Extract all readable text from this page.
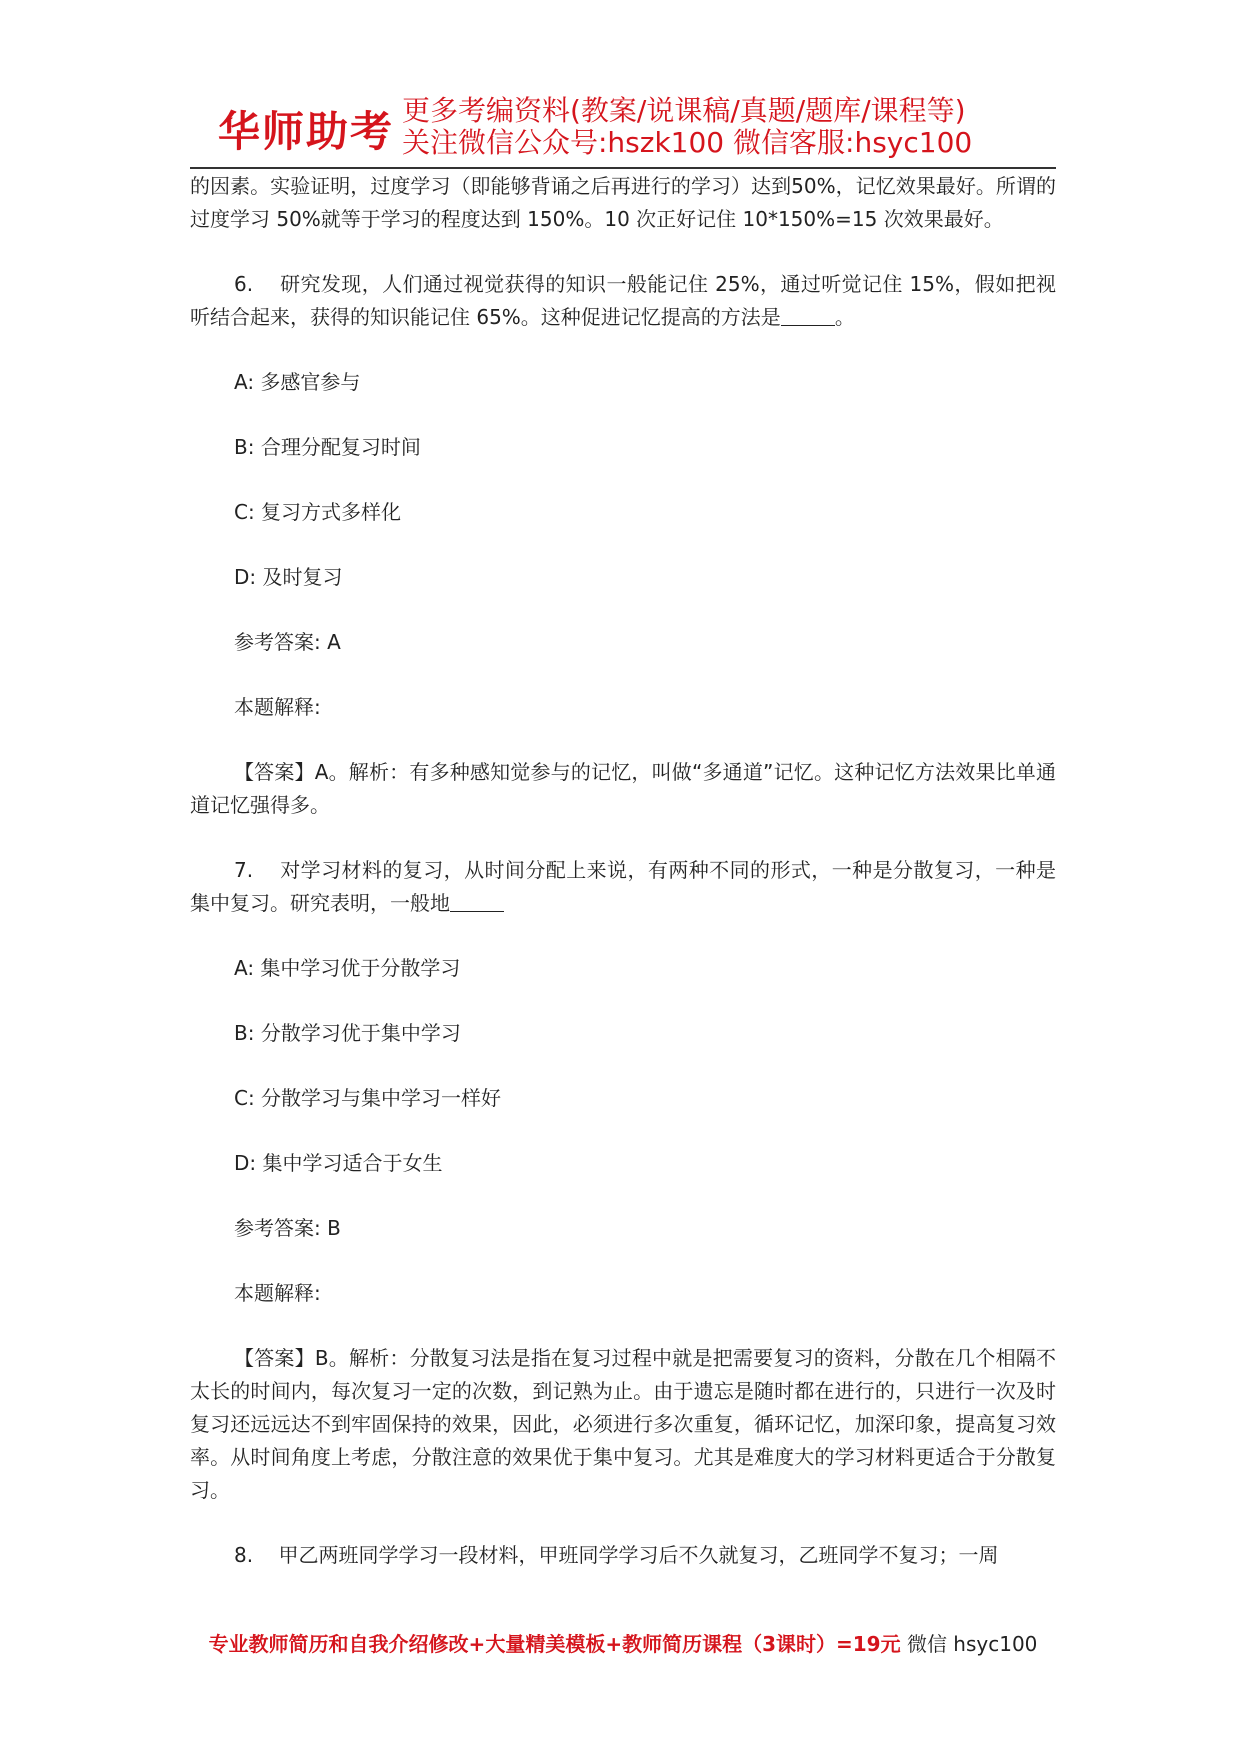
华师助考 更多考编资料(教案/说课稿/真题/题库/课程等)
关注微信公众号:hszk100 微信客服:hsyc100

的因素。实验证明，过度学习（即能够背诵之后再进行的学习）达到50%，记忆效果最好。所谓的过度学习 50%就等于学习的程度达到 150%。10 次正好记住 10*150%=15 次效果最好。

6. 研究发现，人们通过视觉获得的知识一般能记住 25%，通过听觉记住 15%，假如把视听结合起来，获得的知识能记住 65%。这种促进记忆提高的方法是	。

A: 多感官参与

B: 合理分配复习时间

C: 复习方式多样化

D: 及时复习

参考答案: A

本题解释:

【答案】A。解析：有多种感知觉参与的记忆，叫做“多通道”记忆。这种记忆方法效果比单通道记忆强得多。

7. 对学习材料的复习，从时间分配上来说，有两种不同的形式，一种是分散复习，一种是集中复习。研究表明，一般地

A: 集中学习优于分散学习

B: 分散学习优于集中学习

C: 分散学习与集中学习一样好

D: 集中学习适合于女生

参考答案: B

本题解释:

【答案】B。解析：分散复习法是指在复习过程中就是把需要复习的资料，分散在几个相隔不太长的时间内，每次复习一定的次数，到记熟为止。由于遗忘是随时都在进行的，只进行一次及时复习还远远达不到牢固保持的效果，因此，必须进行多次重复，循环记忆，加深印象，提高复习效率。从时间角度上考虑，分散注意的效果优于集中复习。尤其是难度大的学习材料更适合于分散复习。

8. 甲乙两班同学学习一段材料，甲班同学学习后不久就复习，乙班同学不复习；一周

专业教师简历和自我介绍修改+大量精美模板+教师简历课程（3课时）=19元 微信 hsyc100
